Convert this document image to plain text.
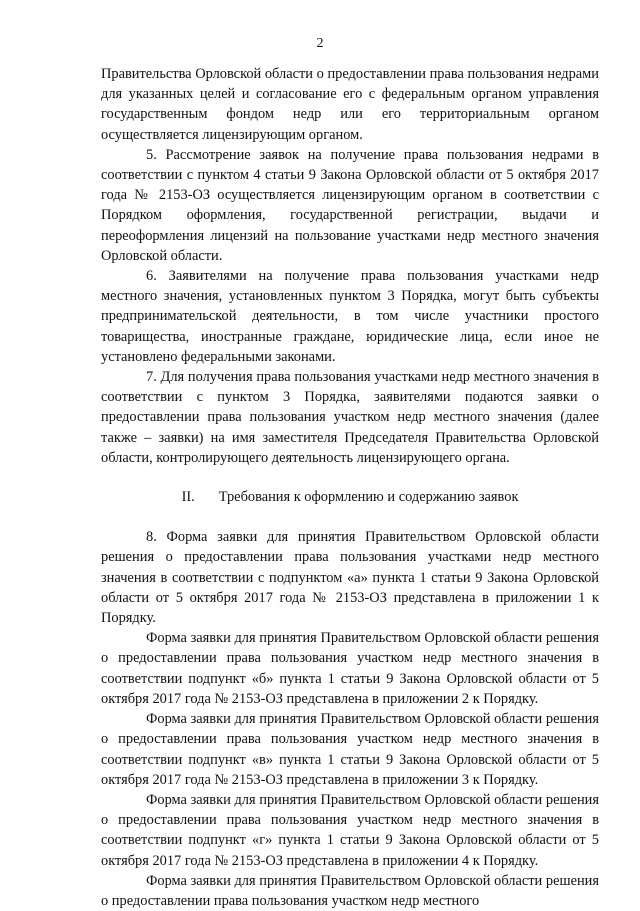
2

Правительства Орловской области о предоставлении права пользования недрами для указанных целей и согласование его с федеральным органом управления государственным фондом недр или его территориальным органом осуществляется лицензирующим органом.

5. Рассмотрение заявок на получение права пользования недрами в соответствии с пунктом 4 статьи 9 Закона Орловской области от 5 октября 2017 года № 2153-ОЗ осуществляется лицензирующим органом в соответствии с Порядком оформления, государственной регистрации, выдачи и переоформления лицензий на пользование участками недр местного значения Орловской области.

6. Заявителями на получение права пользования участками недр местного значения, установленных пунктом 3 Порядка, могут быть субъекты предпринимательской деятельности, в том числе участники простого товарищества, иностранные граждане, юридические лица, если иное не установлено федеральными законами.

7. Для получения права пользования участками недр местного значения в соответствии с пунктом 3 Порядка, заявителями подаются заявки о предоставлении права пользования участком недр местного значения (далее также – заявки) на имя заместителя Председателя Правительства Орловской области, контролирующего деятельность лицензирующего органа.

II. Требования к оформлению и содержанию заявок

8. Форма заявки для принятия Правительством Орловской области решения о предоставлении права пользования участками недр местного значения в соответствии с подпунктом «а» пункта 1 статьи 9 Закона Орловской области от 5 октября 2017 года № 2153-ОЗ представлена в приложении 1 к Порядку.

Форма заявки для принятия Правительством Орловской области решения о предоставлении права пользования участком недр местного значения в соответствии подпункт «б» пункта 1 статьи 9 Закона Орловской области от 5 октября 2017 года № 2153-ОЗ представлена в приложении 2 к Порядку.

Форма заявки для принятия Правительством Орловской области решения о предоставлении права пользования участком недр местного значения в соответствии подпункт «в» пункта 1 статьи 9 Закона Орловской области от 5 октября 2017 года № 2153-ОЗ представлена в приложении 3 к Порядку.

Форма заявки для принятия Правительством Орловской области решения о предоставлении права пользования участком недр местного значения в соответствии подпункт «г» пункта 1 статьи 9 Закона Орловской области от 5 октября 2017 года № 2153-ОЗ представлена в приложении 4 к Порядку.

Форма заявки для принятия Правительством Орловской области решения о предоставлении права пользования участком недр местного
